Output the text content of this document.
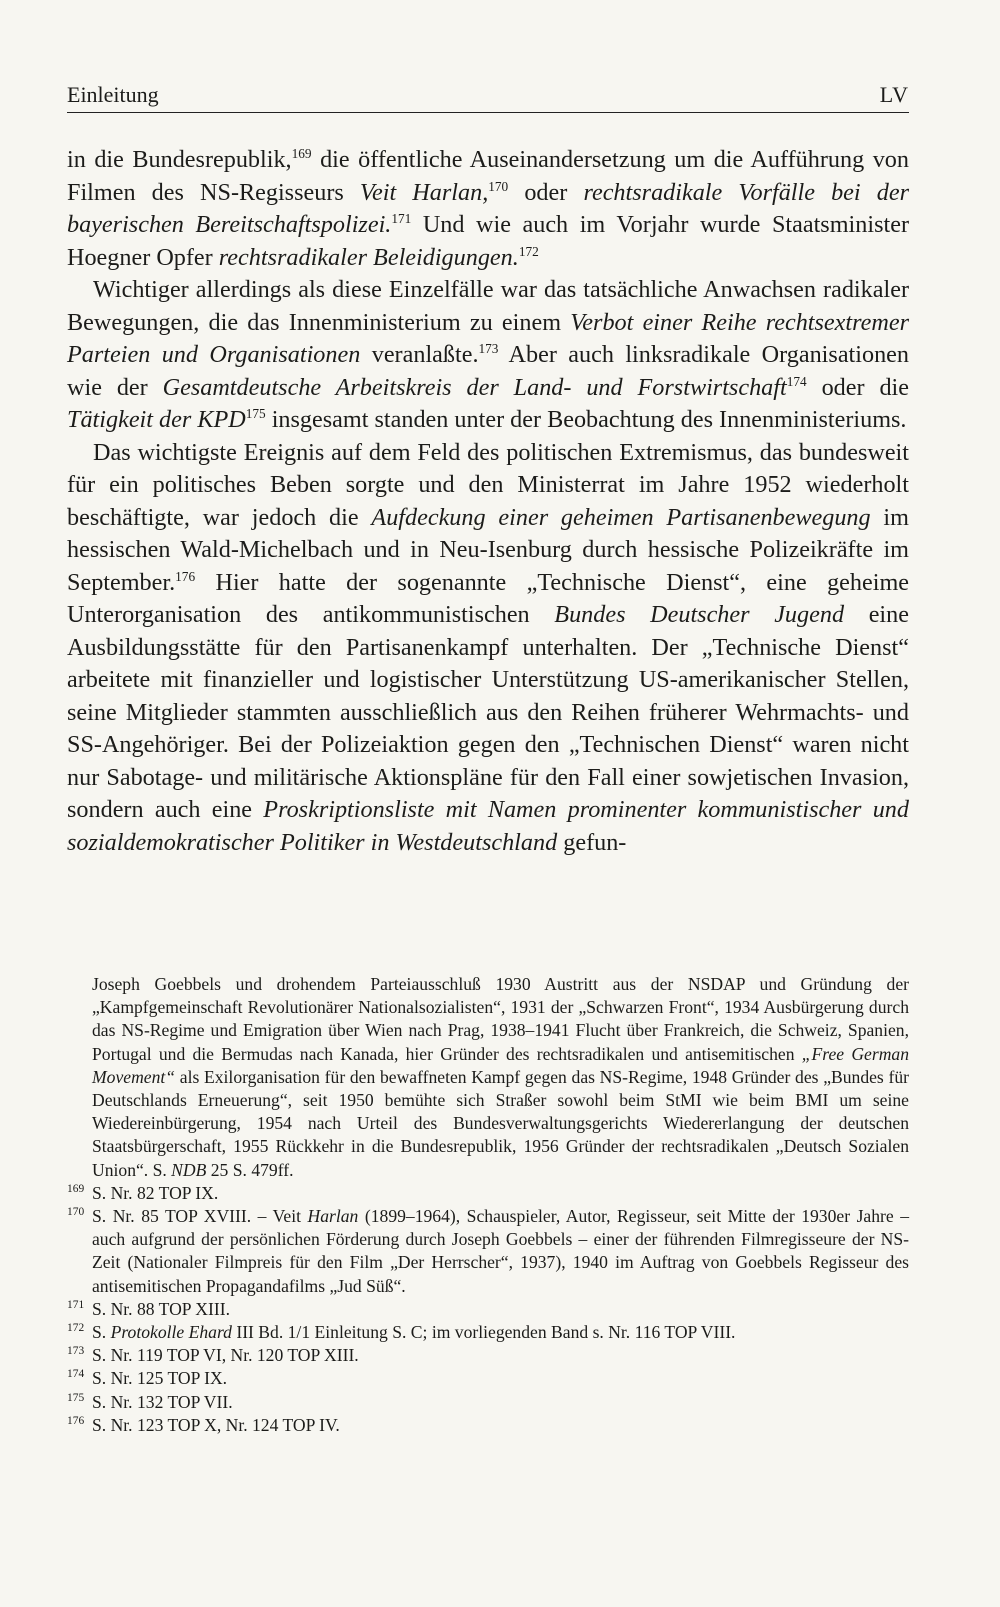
Einleitung	LV

in die Bundesrepublik,$^{169}$ die öffentliche Auseinandersetzung um die Aufführung von Filmen des NS-Regisseurs Veit Harlan,$^{170}$ oder rechtsradikale Vorfälle bei der bayerischen Bereitschaftspolizei.$^{171}$ Und wie auch im Vorjahr wurde Staatsminister Hoegner Opfer rechtsradikaler Beleidigungen.$^{172}$

Wichtiger allerdings als diese Einzelfälle war das tatsächliche Anwachsen radikaler Bewegungen, die das Innenministerium zu einem Verbot einer Reihe rechtsextremer Parteien und Organisationen veranlaßte.$^{173}$ Aber auch linksradikale Organisationen wie der Gesamtdeutsche Arbeitskreis der Land- und Forstwirtschaft$^{174}$ oder die Tätigkeit der KPD$^{175}$ insgesamt standen unter der Beobachtung des Innenministeriums.

Das wichtigste Ereignis auf dem Feld des politischen Extremismus, das bundesweit für ein politisches Beben sorgte und den Ministerrat im Jahre 1952 wiederholt beschäftigte, war jedoch die Aufdeckung einer geheimen Partisanenbewegung im hessischen Wald-Michelbach und in Neu-Isenburg durch hessische Polizeikräfte im September.$^{176}$ Hier hatte der sogenannte „Technische Dienst“, eine geheime Unterorganisation des antikommunistischen Bundes Deutscher Jugend eine Ausbildungsstätte für den Partisanenkampf unterhalten. Der „Technische Dienst“ arbeitete mit finanzieller und logistischer Unterstützung US-amerikanischer Stellen, seine Mitglieder stammten ausschließlich aus den Reihen früherer Wehrmachts- und SS-Angehöriger. Bei der Polizeiaktion gegen den „Technischen Dienst“ waren nicht nur Sabotage- und militärische Aktionspläne für den Fall einer sowjetischen Invasion, sondern auch eine Proskriptionsliste mit Namen prominenter kommunistischer und sozialdemokratischer Politiker in Westdeutschland gefun-

Joseph Goebbels und drohendem Parteiausschluß 1930 Austritt aus der NSDAP und Gründung der „Kampfgemeinschaft Revolutionärer Nationalsozialisten“, 1931 der „Schwarzen Front“, 1934 Ausbürgerung durch das NS-Regime und Emigration über Wien nach Prag, 1938–1941 Flucht über Frankreich, die Schweiz, Spanien, Portugal und die Bermudas nach Kanada, hier Gründer des rechtsradikalen und antisemitischen „Free German Movement“ als Exilorganisation für den bewaffneten Kampf gegen das NS-Regime, 1948 Gründer des „Bundes für Deutschlands Erneuerung“, seit 1950 bemühte sich Straßer sowohl beim StMI wie beim BMI um seine Wiedereinbürgerung, 1954 nach Urteil des Bundesverwaltungsgerichts Wiedererlangung der deutschen Staatsbürgerschaft, 1955 Rückkehr in die Bundesrepublik, 1956 Gründer der rechtsradikalen „Deutsch Sozialen Union“. S. NDB 25 S. 479ff.

$^{169}$ S. Nr. 82 TOP IX.

$^{170}$ S. Nr. 85 TOP XVIII. – Veit Harlan (1899–1964), Schauspieler, Autor, Regisseur, seit Mitte der 1930er Jahre – auch aufgrund der persönlichen Förderung durch Joseph Goebbels – einer der führenden Filmregisseure der NS-Zeit (Nationaler Filmpreis für den Film „Der Herrscher“, 1937), 1940 im Auftrag von Goebbels Regisseur des antisemitischen Propagandafilms „Jud Süß“.

$^{171}$ S. Nr. 88 TOP XIII.

$^{172}$ S. Protokolle Ehard III Bd. 1/1 Einleitung S. C; im vorliegenden Band s. Nr. 116 TOP VIII.

$^{173}$ S. Nr. 119 TOP VI, Nr. 120 TOP XIII.

$^{174}$ S. Nr. 125 TOP IX.

$^{175}$ S. Nr. 132 TOP VII.

$^{176}$ S. Nr. 123 TOP X, Nr. 124 TOP IV.
